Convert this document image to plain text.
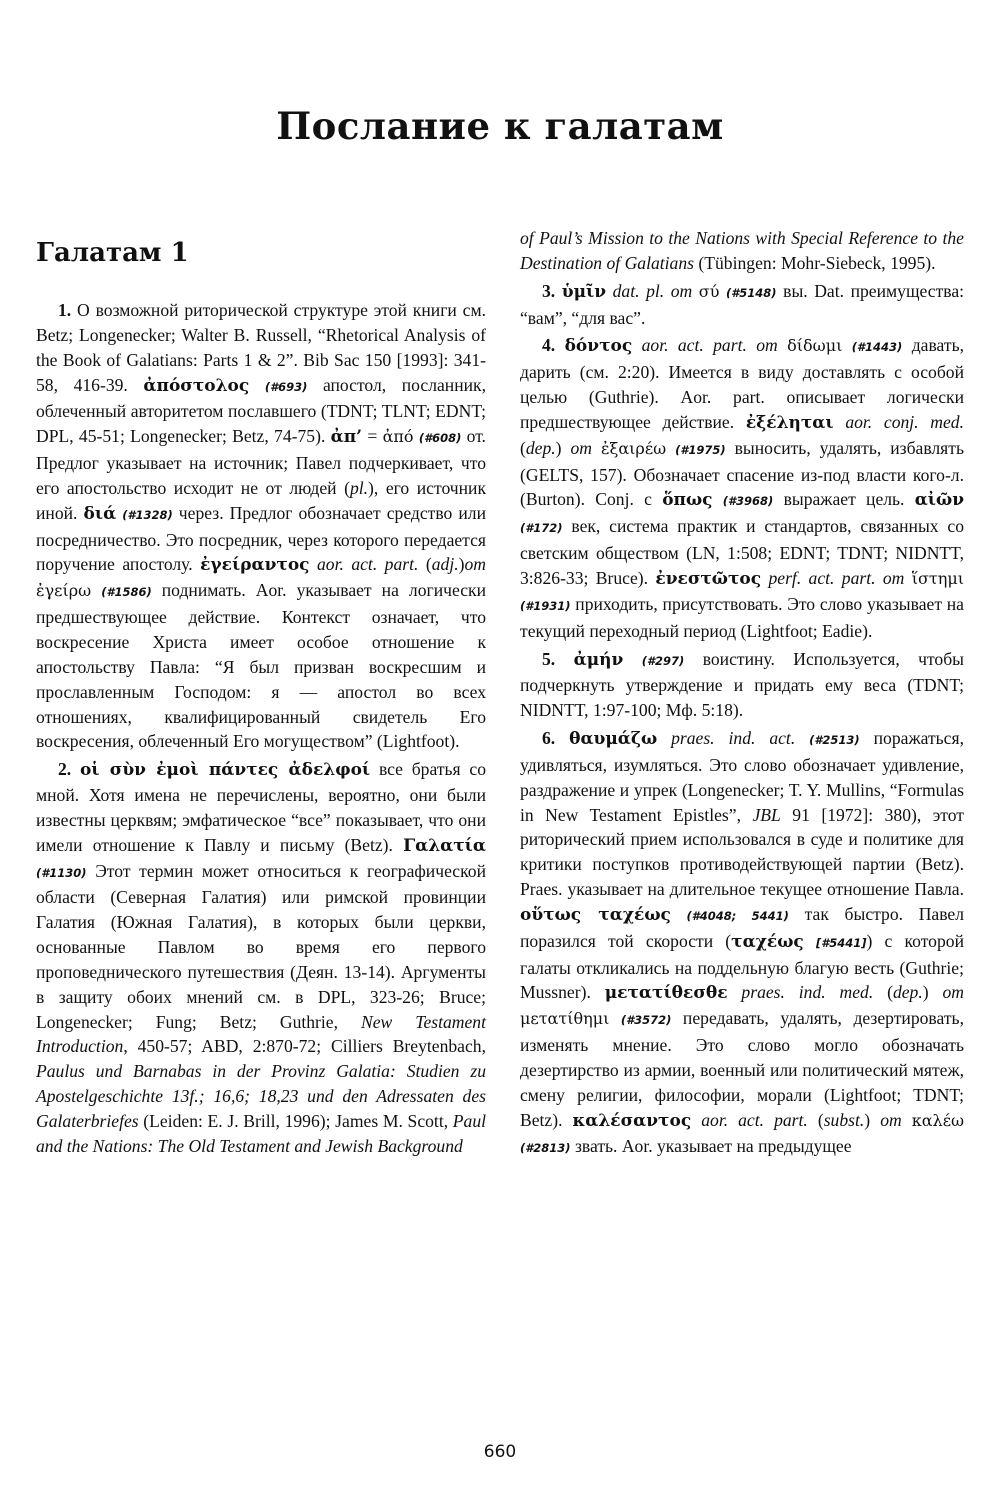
Послание к галатам
Галатам 1

1. О возможной риторической структуре этой книги см. Betz; Longenecker; Walter B. Russell, “Rhetorical Analysis of the Book of Galatians: Parts 1 & 2”. Bib Sac 150 [1993]: 341-58, 416-39. ἀπόστολος (#693) апостол, посланник, облеченный авторитетом пославшего (TDNT; TLNT; EDNT; DPL, 45-51; Longenecker; Betz, 74-75). ἀπ’ = ἀπό (#608) от. Предлог указывает на источник; Павел подчеркивает, что его апостольство исходит не от людей (pl.), его источник иной. διά (#1328) через. Предлог обозначает средство или посредничество. Это посредник, через которого передается поручение апостолу. ἐγείραντος aor. act. part. (adj.)от ἐγείρω (#1586) поднимать. Aor. указывает на логически предшествующее действие. Контекст означает, что воскресение Христа имеет особое отношение к апостольству Павла: “Я был призван воскресшим и прославленным Господом: я — апостол во всех отношениях, квалифицированный свидетель Его воскресения, облеченный Его могуществом” (Lightfoot).

2. οἱ σὺν ἐμοὶ πάντες ἀδελφοί все братья со мной. Хотя имена не перечислены, вероятно, они были известны церквям; эмфатическое “все” показывает, что они имели отношение к Павлу и письму (Betz). Γαλατία (#1130) Этот термин может относиться к географической области (Северная Галатия) или римской провинции Галатия (Южная Галатия), в которых были церкви, основанные Павлом во время его первого проповеднического путешествия (Деян. 13-14). Аргументы в защиту обоих мнений см. в DPL, 323-26; Bruce; Longenecker; Fung; Betz; Guthrie, New Testament Introduction, 450-57; ABD, 2:870-72; Cilliers Breytenbach, Paulus und Barnabas in der Provinz Galatia: Studien zu Apostelgeschichte 13f.; 16,6; 18,23 und den Adressaten des Galaterbriefes (Leiden: E. J. Brill, 1996); James M. Scott, Paul and the Nations: The Old Testament and Jewish Background

of Paul’s Mission to the Nations with Special Reference to the Destination of Galatians (Tübingen: Mohr-Siebeck, 1995).

3. ὑμῖν dat. pl. от σύ (#5148) вы. Dat. преимущества: “вам”, “для вас”.

4. δόντος aor. act. part. от δίδωμι (#1443) давать, дарить (см. 2:20). Имеется в виду доставлять с особой целью (Guthrie). Aor. part. описывает логически предшествующее действие. ἐξέληται aor. conj. med. (dep.) от ἐξαιρέω (#1975) выносить, удалять, избавлять (GELTS, 157). Обозначает спасение из-под власти кого-л. (Burton). Conj. с ὅπως (#3968) выражает цель. αἰῶν (#172) век, система практик и стандартов, связанных со светским обществом (LN, 1:508; EDNT; TDNT; NIDNTT, 3:826-33; Bruce). ἐνεστῶτος perf. act. part. от ἵστημι (#1931) приходить, присутствовать. Это слово указывает на текущий переходный период (Lightfoot; Eadie).

5. ἀμήν (#297) воистину. Используется, чтобы подчеркнуть утверждение и придать ему веса (TDNT; NIDNTT, 1:97-100; Мф. 5:18).

6. θαυμάζω praes. ind. act. (#2513) поражаться, удивляться, изумляться. Это слово обозначает удивление, раздражение и упрек (Longenecker; T. Y. Mullins, “Formulas in New Testament Epistles”, JBL 91 [1972]: 380), этот риторический прием использовался в суде и политике для критики поступков противодействующей партии (Betz). Praes. указывает на длительное текущее отношение Павла. οὕτως ταχέως (#4048; 5441) так быстро. Павел поразился той скорости (ταχέως [#5441]) с которой галаты откликались на поддельную благую весть (Guthrie; Mussner). μετατίθεσθε praes. ind. med. (dep.) от μετατίθημι (#3572) передавать, удалять, дезертировать, изменять мнение. Это слово могло обозначать дезертирство из армии, военный или политический мятеж, смену религии, философии, морали (Lightfoot; TDNT; Betz). καλέσαντος aor. act. part. (subst.) от καλέω (#2813) звать. Aor. указывает на предыдущее

660
